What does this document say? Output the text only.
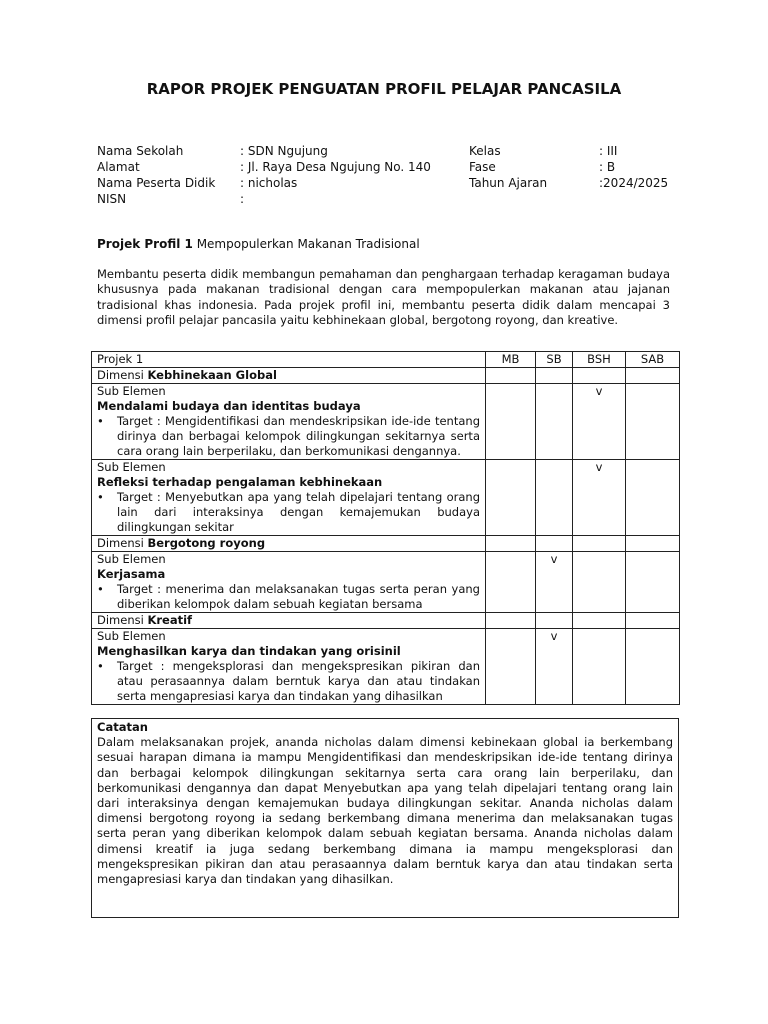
RAPOR PROJEK PENGUATAN PROFIL PELAJAR PANCASILA
Nama Sekolah	: SDN Ngujung
Alamat	: Jl. Raya Desa Ngujung No. 140
Nama Peserta Didik : nicholas
NISN	:
Kelas	: III
Fase	: B
Tahun Ajaran	:2024/2025
Projek Profil 1 Mempopulerkan Makanan Tradisional
Membantu peserta didik membangun pemahaman dan penghargaan terhadap keragaman budaya khususnya pada makanan tradisional dengan cara mempopulerkan makanan atau jajanan tradisional khas indonesia. Pada projek profil ini, membantu peserta didik dalam mencapai 3 dimensi profil pelajar pancasila yaitu kebhinekaan global, bergotong royong, dan kreative.
Projek 1	MB	SB	BSH	SAB
Dimensi Kebhinekaan Global				

Sub Elemen
Mendalami budaya dan identitas budaya
• Target : Mengidentifikasi dan mendeskripsikan ide-ide tentang dirinya dan berbagai kelompok dilingkungan sekitarnya serta cara orang lain berperilaku, dan berkomunikasi dengannya.			v	

Sub Elemen
Refleksi terhadap pengalaman kebhinekaan
• Target : Menyebutkan apa yang telah dipelajari tentang orang lain dari interaksinya dengan kemajemukan budaya dilingkungan sekitar			v	
Dimensi Bergotong royong				

Sub Elemen
Kerjasama
• Target : menerima dan melaksanakan tugas serta peran yang diberikan kelompok dalam sebuah kegiatan bersama		v		
Dimensi Kreatif				

Sub Elemen
Menghasilkan karya dan tindakan yang orisinil
• Target : mengeksplorasi dan mengekspresikan pikiran dan atau perasaannya dalam berntuk karya dan atau tindakan serta mengapresiasi karya dan tindakan yang dihasilkan		v		
Catatan
Dalam melaksanakan projek, ananda nicholas dalam dimensi kebinekaan global ia berkembang sesuai harapan dimana ia mampu Mengidentifikasi dan mendeskripsikan ide-ide tentang dirinya dan berbagai kelompok dilingkungan sekitarnya serta cara orang lain berperilaku, dan berkomunikasi dengannya dan dapat Menyebutkan apa yang telah dipelajari tentang orang lain dari interaksinya dengan kemajemukan budaya dilingkungan sekitar. Ananda nicholas dalam dimensi bergotong royong ia sedang berkembang dimana menerima dan melaksanakan tugas serta peran yang diberikan kelompok dalam sebuah kegiatan bersama. Ananda nicholas dalam dimensi kreatif ia juga sedang berkembang dimana ia mampu mengeksplorasi dan mengekspresikan pikiran dan atau perasaannya dalam berntuk karya dan atau tindakan serta mengapresiasi karya dan tindakan yang dihasilkan.
